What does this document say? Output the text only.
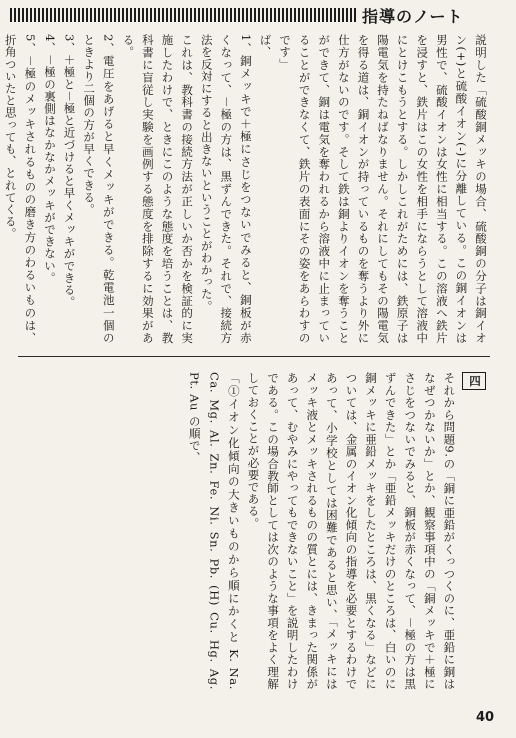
指導のノート

説明した「硫酸銅メッキの場合、硫酸銅の分子は銅イオン(+)と硫酸イオン(-)に分離している。この銅イオンは男性で、硫酸イオンは女性に相当する。この溶液へ鉄片を浸すと、鉄片はこの女性を相手にならうとして溶液中にとけこもうとする。しかしこれがためには、鉄原子は陽電気を持たねばなりません。それにしてもその陽電気を得る道は、銅イオンが持っているものを奪うより外に仕方がないのです。そして鉄は銅よりイオンを奪うことができて、銅は電気を奪われるから溶液中に止まっていることができなくて、鉄片の表面にその姿をあらわすのです」

ば、

1、銅メッキで＋極にさじをつないでみると、銅板が赤くなって、－極の方は、黒ずんできた。それで、接続方法を反対にすると出きないということがわかった。

これは、教科書の接続方法が正しいか否かを検証的に実施したわけで、ときにこのような態度を培うことは、教科書に盲従し実験を画例する態度を排除するに効果がある。

2、電圧をあげると早くメッキができる。乾電池一個のときより二個の方が早くできる。

3、＋極と－極と近づけると早くメッキができる。

4、－極の裏側はなかなかメッキができない。

5、－極のメッキされるものの磨き方のわるいものは、折角ついたと思っても、とれてくる。

四

それから問題9.の「銅に亜鉛がくっつくのに、亜鉛に銅はなぜつかないか」とか、観察事項中の「銅メッキで＋極にさじをつないでみると、銅板が赤くなって、－極の方は黒ずんできた」とか「亜鉛メッキだけのところは、白いのに銅メッキに亜鉛メッキをしたところは、黒くなる」などについては、金属のイオン化傾向の指導を必要とするわけであって、小学校としては困難であると思い、「メッキにはメッキ液とメッキされるものの質とには、きまった関係があって、むやみにやってもできないこと」を説明したわけである。この場合教師としては次のような事項をよく理解しておくことが必要である。

「①イオン化傾向の大きいものから順にかくと K. Na. Ca. Mg. Al. Zn. Fe. Ni. Sn. Pb. (H) Cu. Hg. Ag. Pt. Au の順で、

40
